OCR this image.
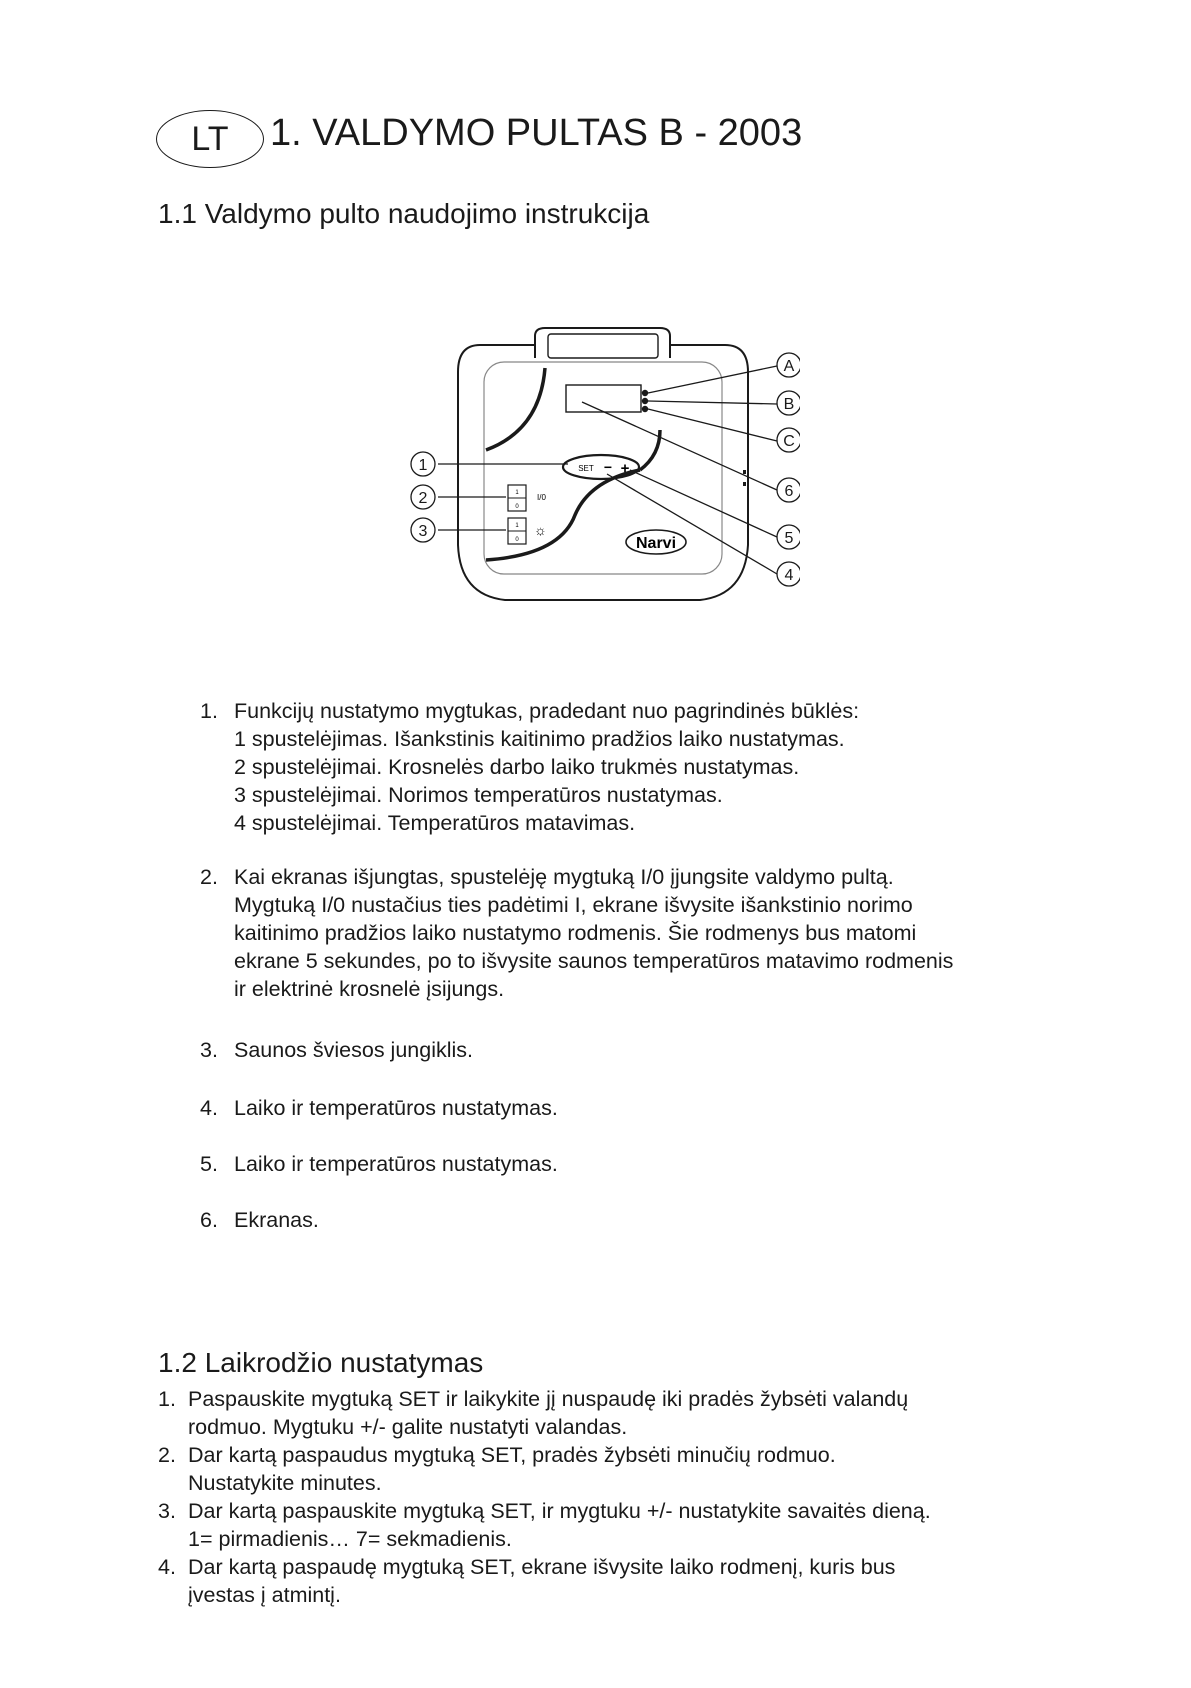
LT 1. VALDYMO PULTAS B - 2003
1.1 Valdymo pulto naudojimo instrukcija
1
2
3
A
B
C
6
5
4
SET − +
1
0
1
0
I/0
☼
Narvi
1. Funkcijų nustatymo mygtukas, pradedant nuo pagrindinės būklės:
1 spustelėjimas. Išankstinis kaitinimo pradžios laiko nustatymas.
2 spustelėjimai. Krosnelės darbo laiko trukmės nustatymas.
3 spustelėjimai. Norimos temperatūros nustatymas.
4 spustelėjimai. Temperatūros matavimas.
2. Kai ekranas išjungtas, spustelėję mygtuką I/0 įjungsite valdymo pultą.
Mygtuką I/0 nustačius ties padėtimi I, ekrane išvysite išankstinio norimo
kaitinimo pradžios laiko nustatymo rodmenis. Šie rodmenys bus matomi
ekrane 5 sekundes, po to išvysite saunos temperatūros matavimo rodmenis
ir elektrinė krosnelė įsijungs.
3. Saunos šviesos jungiklis.
4. Laiko ir temperatūros nustatymas.
5. Laiko ir temperatūros nustatymas.
6. Ekranas.
1.2 Laikrodžio nustatymas
1. Paspauskite mygtuką SET ir laikykite jį nuspaudę iki pradės žybsėti valandų
rodmuo. Mygtuku +/- galite nustatyti valandas.
2. Dar kartą paspaudus mygtuką SET, pradės žybsėti minučių rodmuo.
Nustatykite minutes.
3. Dar kartą paspauskite mygtuką SET, ir mygtuku +/- nustatykite savaitės dieną.
1= pirmadienis… 7= sekmadienis.
4. Dar kartą paspaudę mygtuką SET, ekrane išvysite laiko rodmenį, kuris bus
įvestas į atmintį.
